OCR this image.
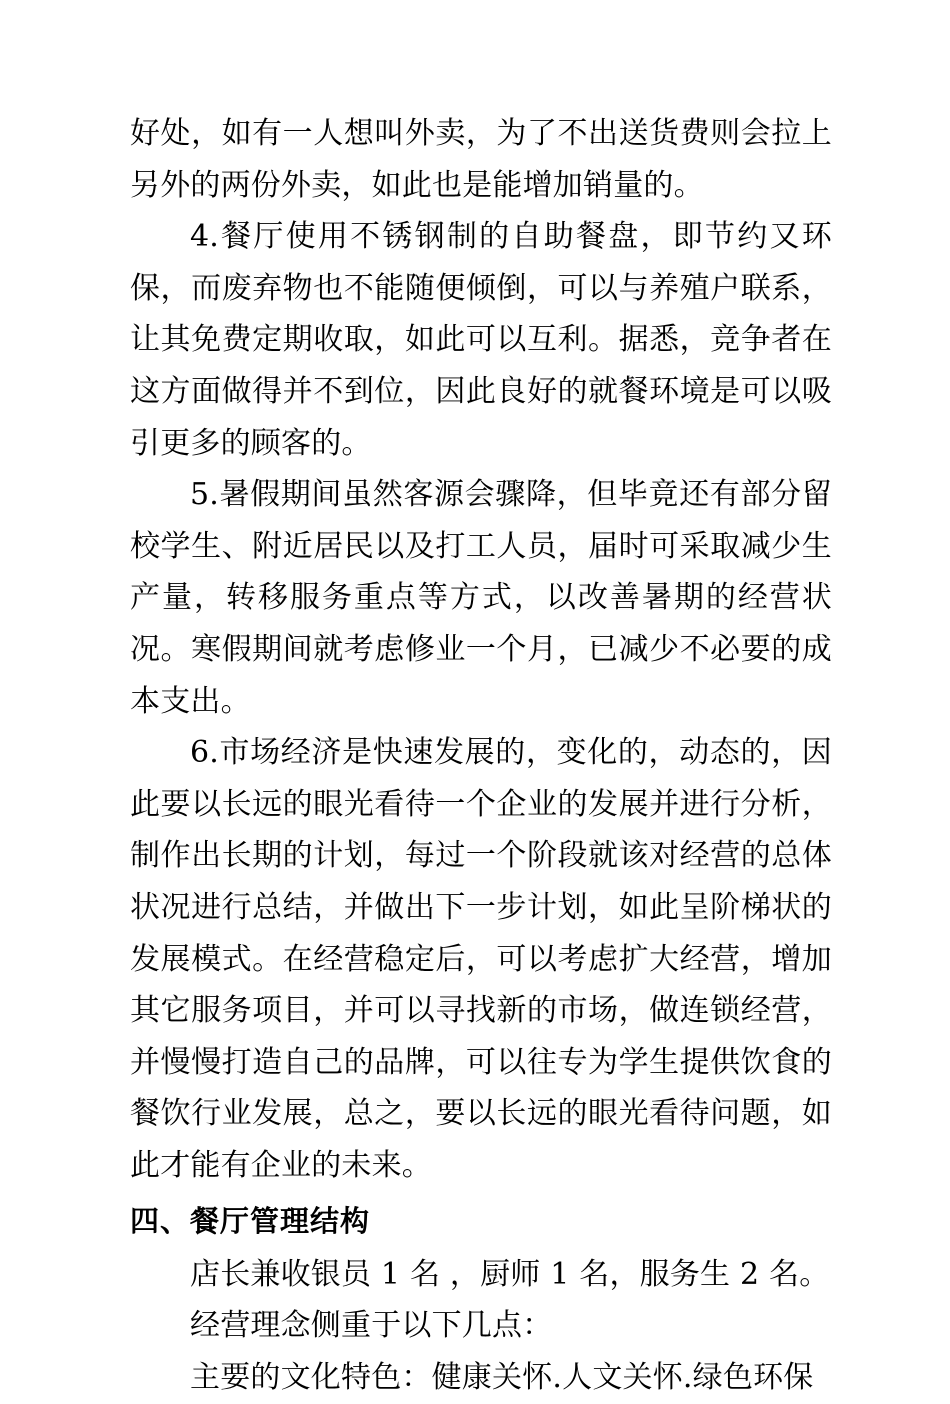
好处，如有一人想叫外卖，为了不出送货费则会拉上另外的两份外卖，如此也是能增加销量的。

4.餐厅使用不锈钢制的自助餐盘，即节约又环保，而废弃物也不能随便倾倒，可以与养殖户联系，让其免费定期收取，如此可以互利。据悉，竞争者在这方面做得并不到位，因此良好的就餐环境是可以吸引更多的顾客的。

5.暑假期间虽然客源会骤降，但毕竟还有部分留校学生、附近居民以及打工人员，届时可采取减少生产量，转移服务重点等方式，以改善暑期的经营状况。寒假期间就考虑修业一个月，已减少不必要的成本支出。

6.市场经济是快速发展的，变化的，动态的，因此要以长远的眼光看待一个企业的发展并进行分析，制作出长期的计划，每过一个阶段就该对经营的总体状况进行总结，并做出下一步计划，如此呈阶梯状的发展模式。在经营稳定后，可以考虑扩大经营，增加其它服务项目，并可以寻找新的市场，做连锁经营，并慢慢打造自己的品牌，可以往专为学生提供饮食的餐饮行业发展，总之，要以长远的眼光看待问题，如此才能有企业的未来。

四、餐厅管理结构

店长兼收银员 1 名 ，厨师 1 名，服务生 2 名。

经营理念侧重于以下几点：

主要的文化特色：健康关怀.人文关怀.绿色环保
